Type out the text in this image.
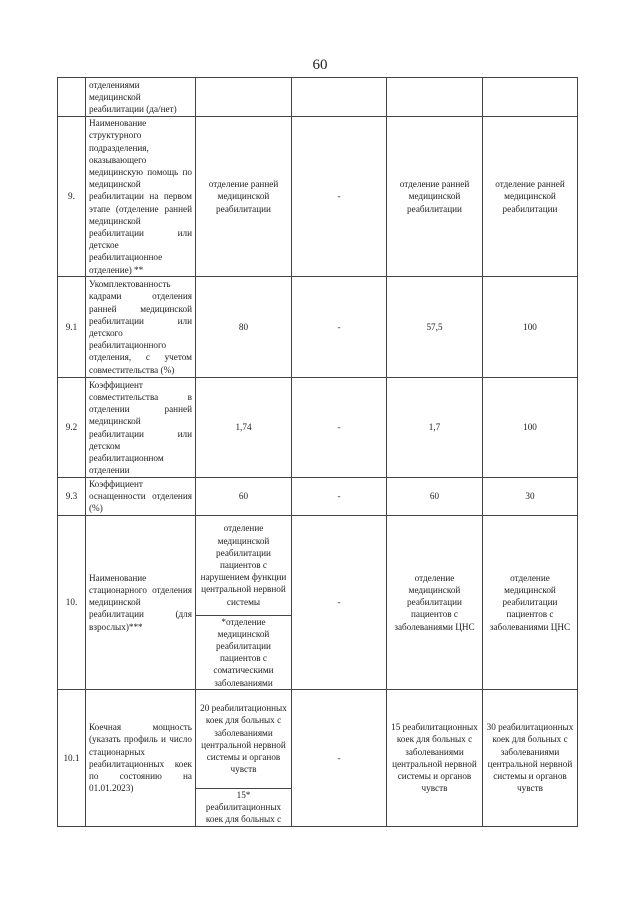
60
	отделениями медицинской реабилитации (да/нет)				
9.	Наименование структурного подразделения, оказывающего медицинскую помощь по медицинской реабилитации на первом этапе (отделение ранней медицинской реабилитации или детское реабилитационное отделение) **	отделение ранней медицинской реабилитации	-	отделение ранней медицинской реабилитации	отделение ранней медицинской реабилитации
9.1	Укомплектованность кадрами отделения ранней медицинской реабилитации или детского реабилитационного отделения, с учетом совместительства (%)	80	-	57,5	100
9.2	Коэффициент совместительства в отделении ранней медицинской реабилитации или детском реабилитационном отделении	1,74	-	1,7	100
9.3	Коэффициент оснащенности отделения (%)	60	-	60	30
10.	Наименование стационарного отделения медицинской реабилитации (для взрослых)***	отделение медицинской реабилитации пациентов с нарушением функции центральной нервной системы	-	отделение медицинской реабилитации пациентов с заболеваниями ЦНС	отделение медицинской реабилитации пациентов с заболеваниями ЦНС
		*отделение медицинской реабилитации пациентов с соматическими заболеваниями			
10.1	Коечная мощность (указать профиль и число стационарных реабилитационных коек по состоянию на 01.01.2023)	20 реабилитационных коек для больных с заболеваниями центральной нервной системы и органов чувств	-	15 реабилитационных коек для больных с заболеваниями центральной нервной системы и органов чувств	30 реабилитационных коек для больных с заболеваниями центральной нервной системы и органов чувств
		15* реабилитационных коек для больных с			
